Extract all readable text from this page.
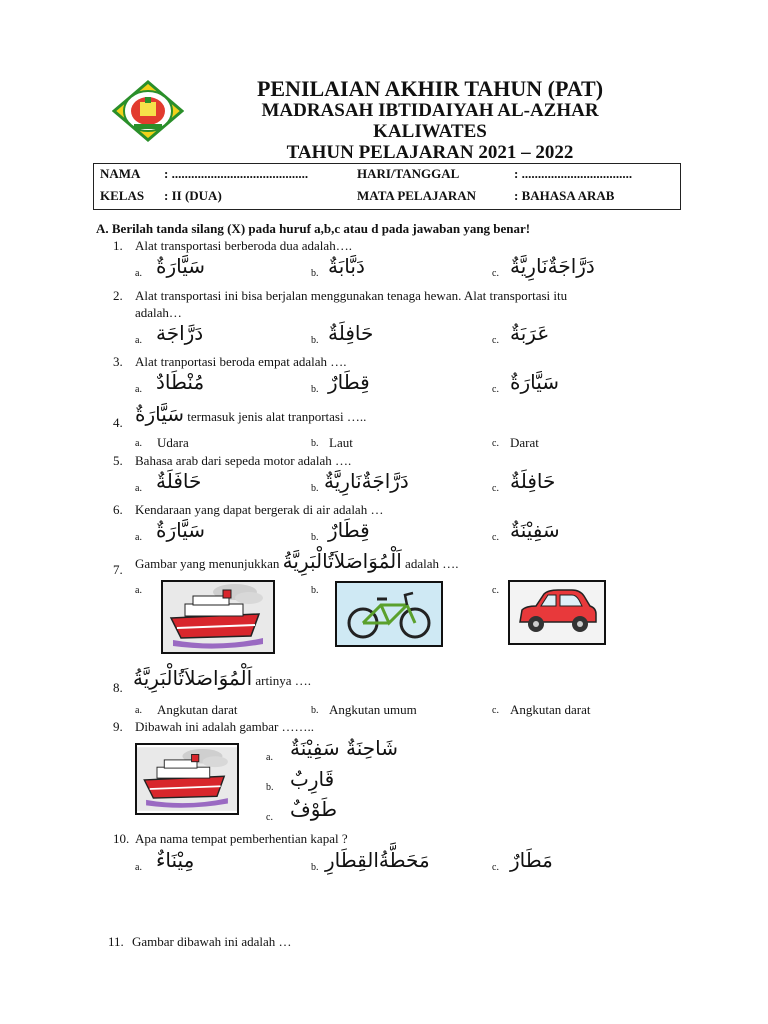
PENILAIAN AKHIR TAHUN (PAT)
MADRASAH IBTIDAIYAH AL-AZHAR
KALIWATES
TAHUN PELAJARAN 2021 – 2022
NAMA : ..........................................	HARI/TANGGAL	: ..................................
KELAS : II (DUA)	MATA PELAJARAN	: BAHASA ARAB
A. Berilah tanda silang (X) pada huruf a,b,c atau d pada jawaban yang benar!
1. Alat transportasi berberoda dua adalah….
a. سَيَّارَةٌ	b. دَبَّابَةٌ	c. دَرَّاجَةٌنَارِيَّةٌ
2. Alat transportasi ini bisa berjalan menggunakan tenaga hewan. Alat transportasi itu
adalah…
a. دَرَّاجَة	b. حَافِلَةٌ	c. عَرَبَةٌ
3. Alat tranportasi beroda empat adalah ….
a. مُنْطَادٌ	b. قِطَارٌ	c. سَيَّارَةٌ
4. سَيَّارَةٌ termasuk jenis alat tranportasi …..
a. Udara	b. Laut	c. Darat
5. Bahasa arab dari sepeda motor adalah ….
a. حَافَلَةٌ	b. دَرَّاجَةٌنَارِيَّةٌ	c. حَافِلَةٌ
6. Kendaraan yang dapat bergerak di air adalah …
a. سَيَّارَةٌ	b. قِطَارٌ	c. سَفِيْنَةٌ
7. Gambar yang menunjukkan اَلْمُوَاصَلاَتُالْبَرِيَّةُ adalah ….
a.	b.	c.
8. اَلْمُوَاصَلاَتُالْبَرِيَّةُ artinya ….
a. Angkutan darat	b. Angkutan umum	c. Angkutan darat
9. Dibawah ini adalah gambar ……..
a. شَاحِنَةٌ سَفِيْنَةٌ
b. قَارِبٌ
c. طَوْفٌ
10. Apa nama tempat pemberhentian kapal ?
a. مِيْنَاءٌ	b. مَحَطَّةُالقِطَارِ	c. مَطَارٌ
11. Gambar dibawah ini adalah …
